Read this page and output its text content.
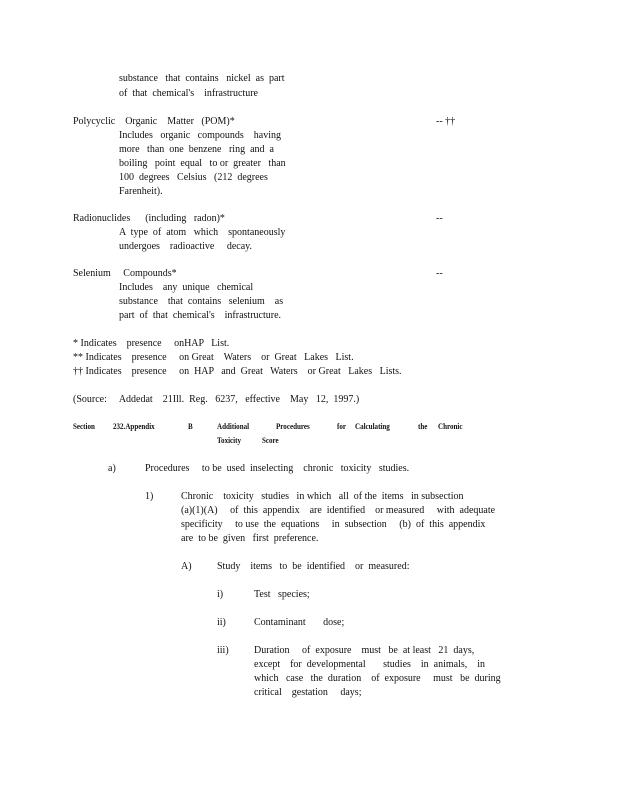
substance   that  contains   nickel  as  part
of  that  chemical's    infrastructure
Polycyclic    Organic    Matter   (POM)*	-- ††
Includes   organic   compounds    having
more   than  one  benzene   ring  and  a
boiling   point  equal   to or  greater   than
100  degrees   Celsius   (212  degrees
Farenheit).
Radionuclides      (including   radon)*	--
A  type  of  atom   which    spontaneously
undergoes    radioactive     decay.
Selenium     Compounds*	--
Includes    any  unique   chemical
substance    that  contains   selenium    as
part  of  that  chemical's    infrastructure.
* Indicates    presence     onHAP   List.
** Indicates    presence     on Great    Waters    or  Great   Lakes   List.
†† Indicates    presence     on  HAP   and  Great   Waters    or Great   Lakes   Lists.
(Source:     Addedat    21Ill.  Reg.   6237,   effective    May   12,  1997.)
Section 232.Appendix	B	Additional	Procedures	for Calculating	the Chronic
Toxicity	Score
a)	Procedures     to be  used  inselecting    chronic   toxicity   studies.
1)	Chronic    toxicity   studies   in which   all  of the  items   in subsection
(a)(1)(A)     of  this  appendix    are  identified    or measured     with  adequate
specificity     to use  the  equations     in  subsection     (b)  of  this  appendix
are  to be  given   first  preference.
A)	Study    items   to  be  identified    or  measured:
i)	Test   species;
ii)	Contaminant       dose;
iii)	Duration     of  exposure    must   be  at least   21  days,
except    for  developmental       studies    in  animals,    in
which   case   the  duration    of  exposure     must   be  during
critical    gestation     days;
